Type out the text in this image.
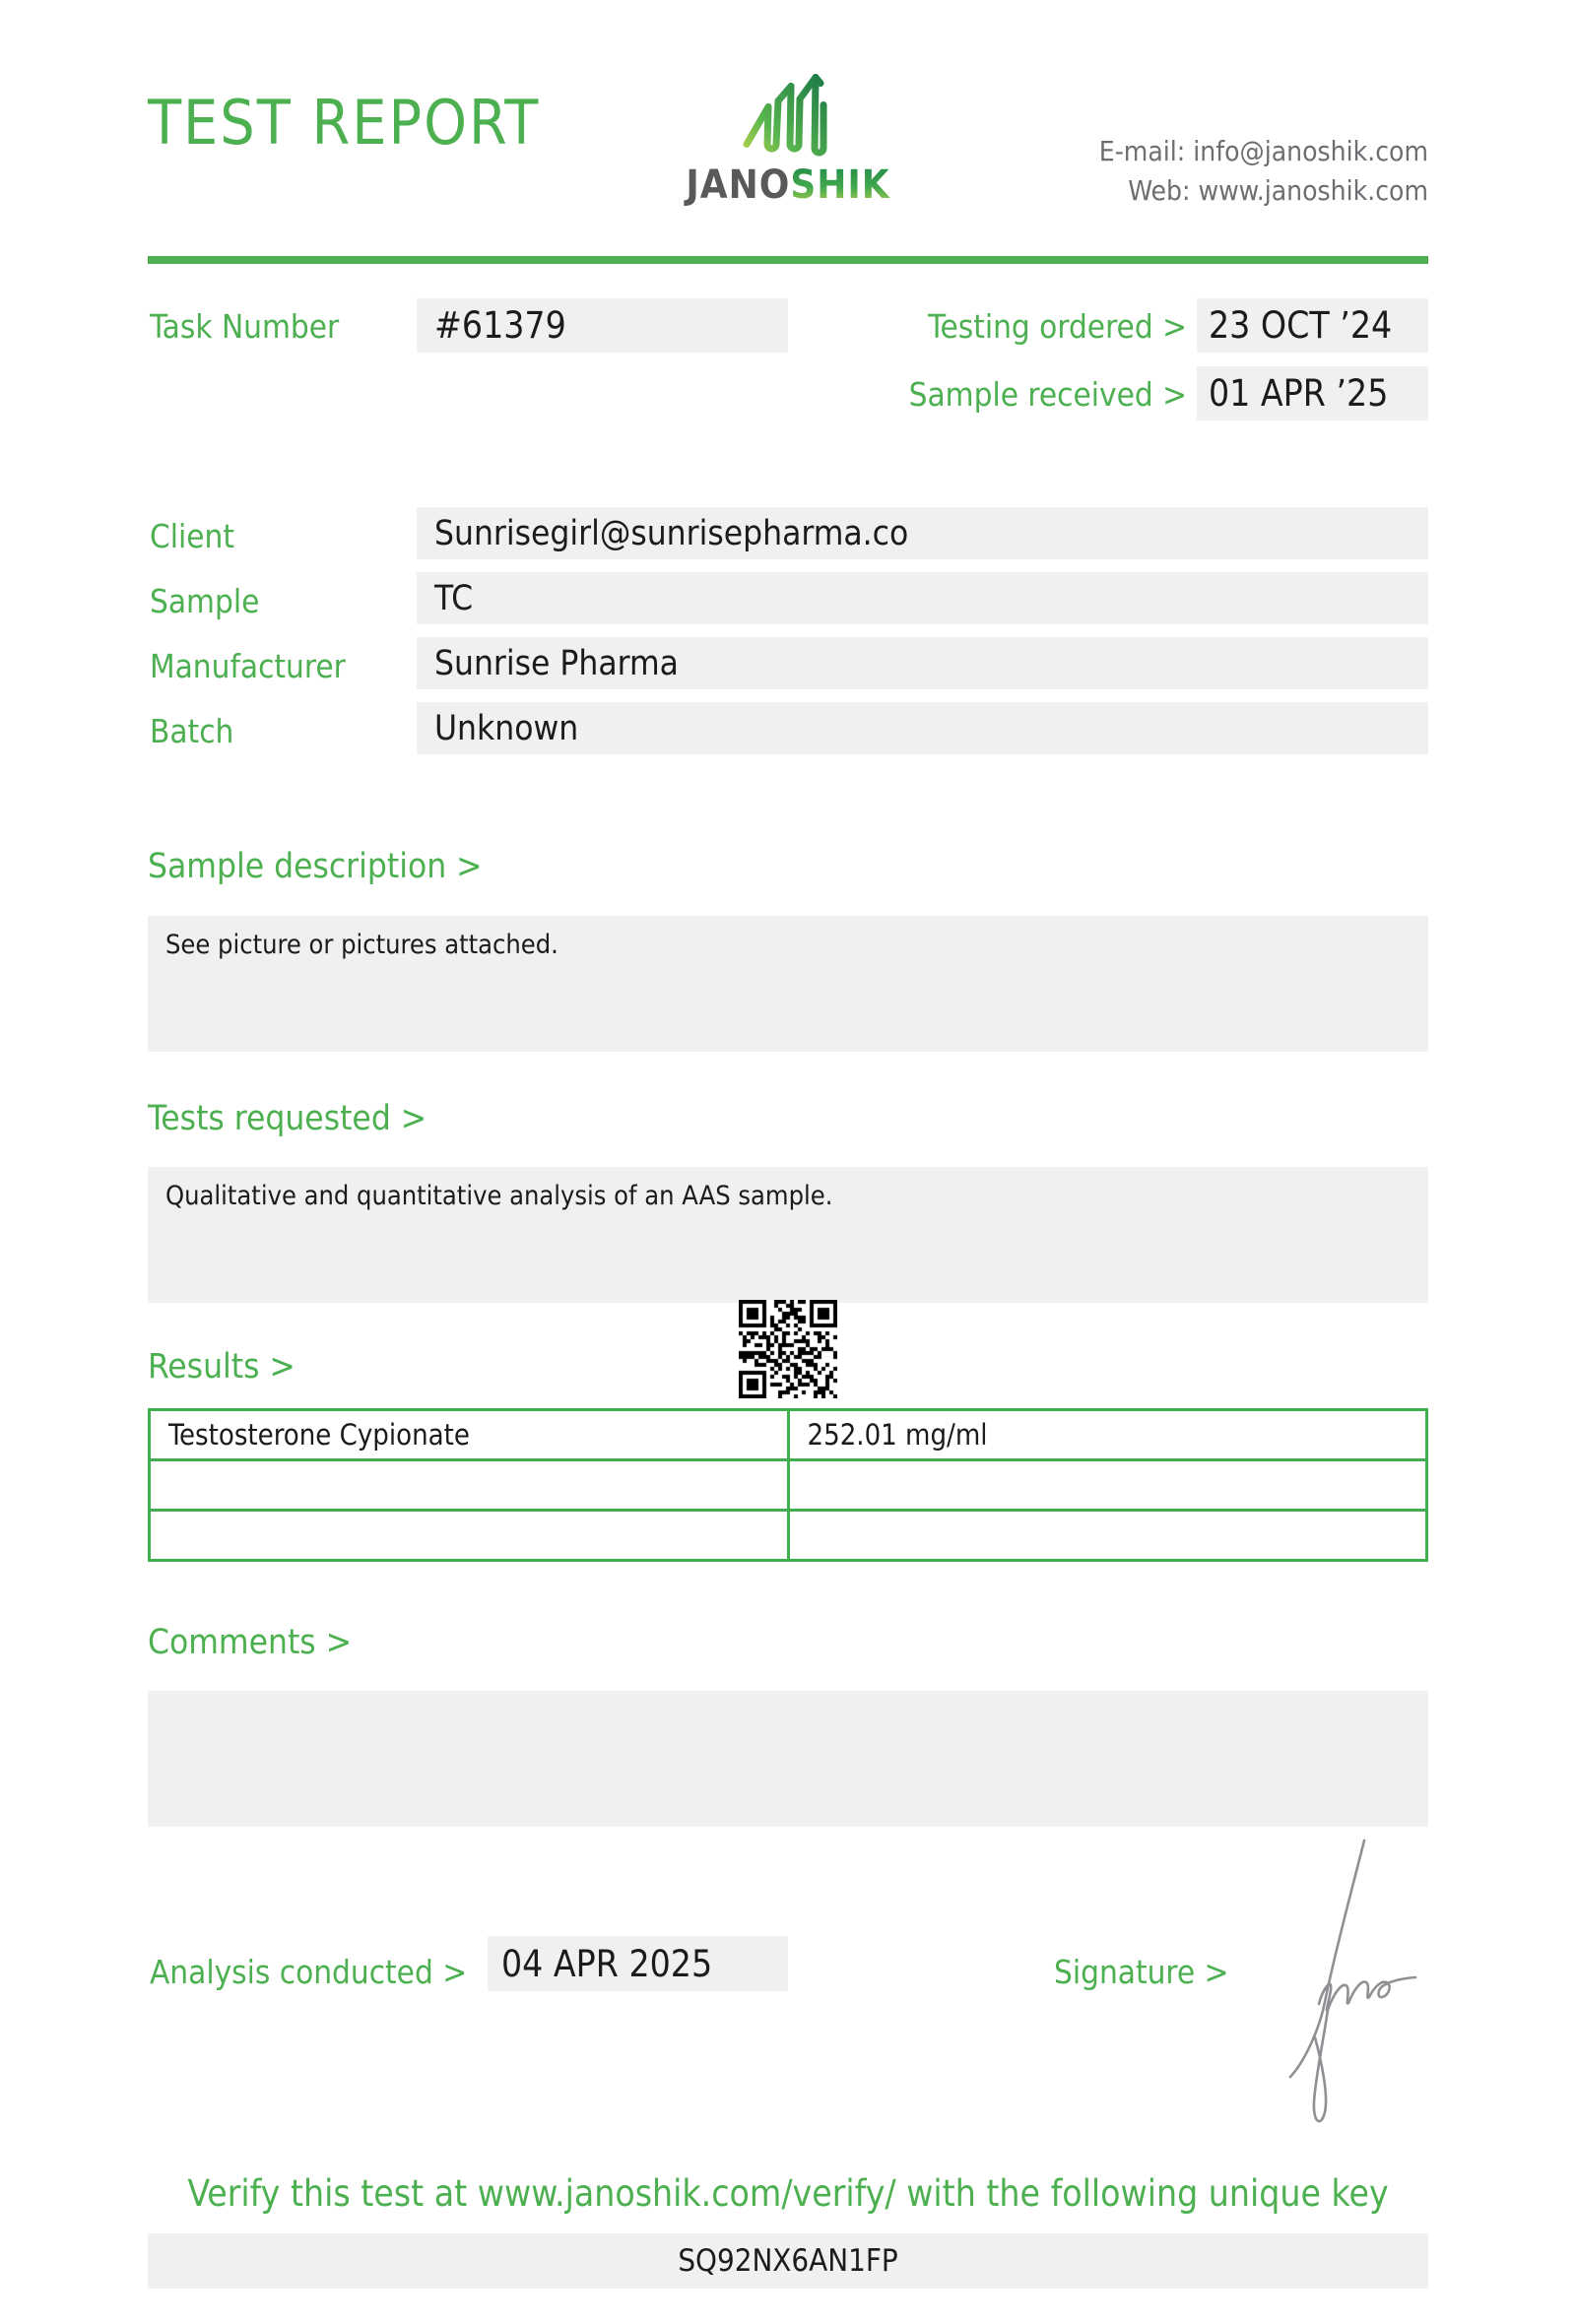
TEST REPORT
JANOSHIK
E-mail: info@janoshik.com
Web: www.janoshik.com
Task Number	#61379	Testing ordered > 23 OCT ’24
Sample received > 01 APR ’25
Client	Sunrisegirl@sunrisepharma.co
Sample	TC
Manufacturer	Sunrise Pharma
Batch	Unknown
Sample description >
See picture or pictures attached.
Tests requested >
Qualitative and quantitative analysis of an AAS sample.
Results >
Testosterone Cypionate	252.01 mg/ml

Comments >
Analysis conducted > 04 APR 2025	Signature >
Verify this test at www.janoshik.com/verify/ with the following unique key
SQ92NX6AN1FP
